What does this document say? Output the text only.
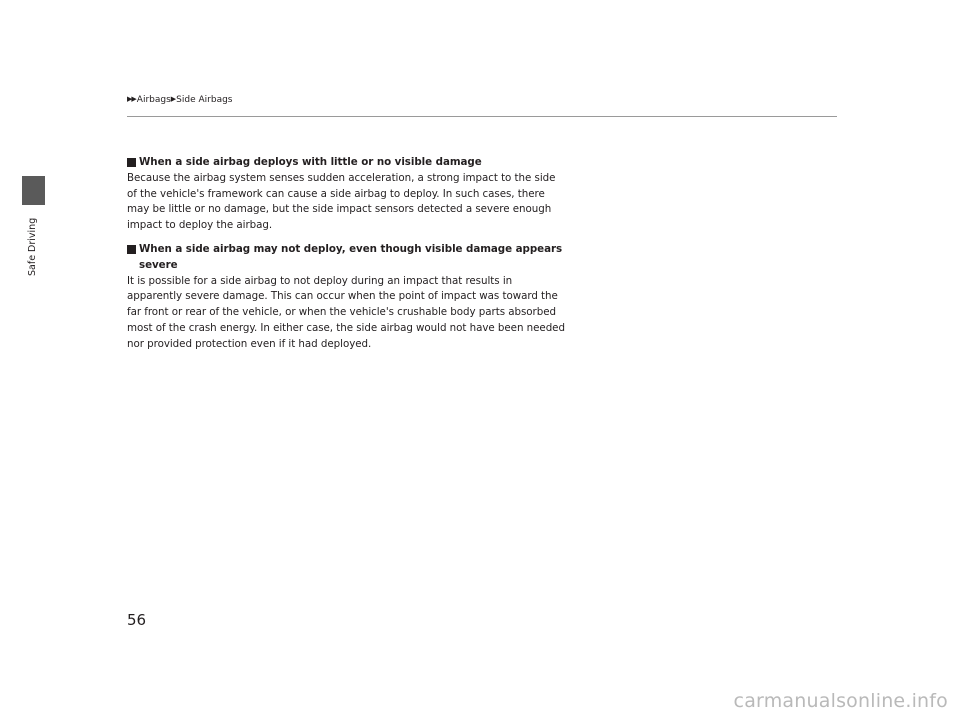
▶▶Airbags▶Side Airbags
Safe Driving

When a side airbag deploys with little or no visible damage

Because the airbag system senses sudden acceleration, a strong impact to the side of the vehicle's framework can cause a side airbag to deploy. In such cases, there may be little or no damage, but the side impact sensors detected a severe enough impact to deploy the airbag.

When a side airbag may not deploy, even though visible damage appears severe

It is possible for a side airbag to not deploy during an impact that results in apparently severe damage. This can occur when the point of impact was toward the far front or rear of the vehicle, or when the vehicle's crushable body parts absorbed most of the crash energy. In either case, the side airbag would not have been needed nor provided protection even if it had deployed.

56
carmanualsonline.info
